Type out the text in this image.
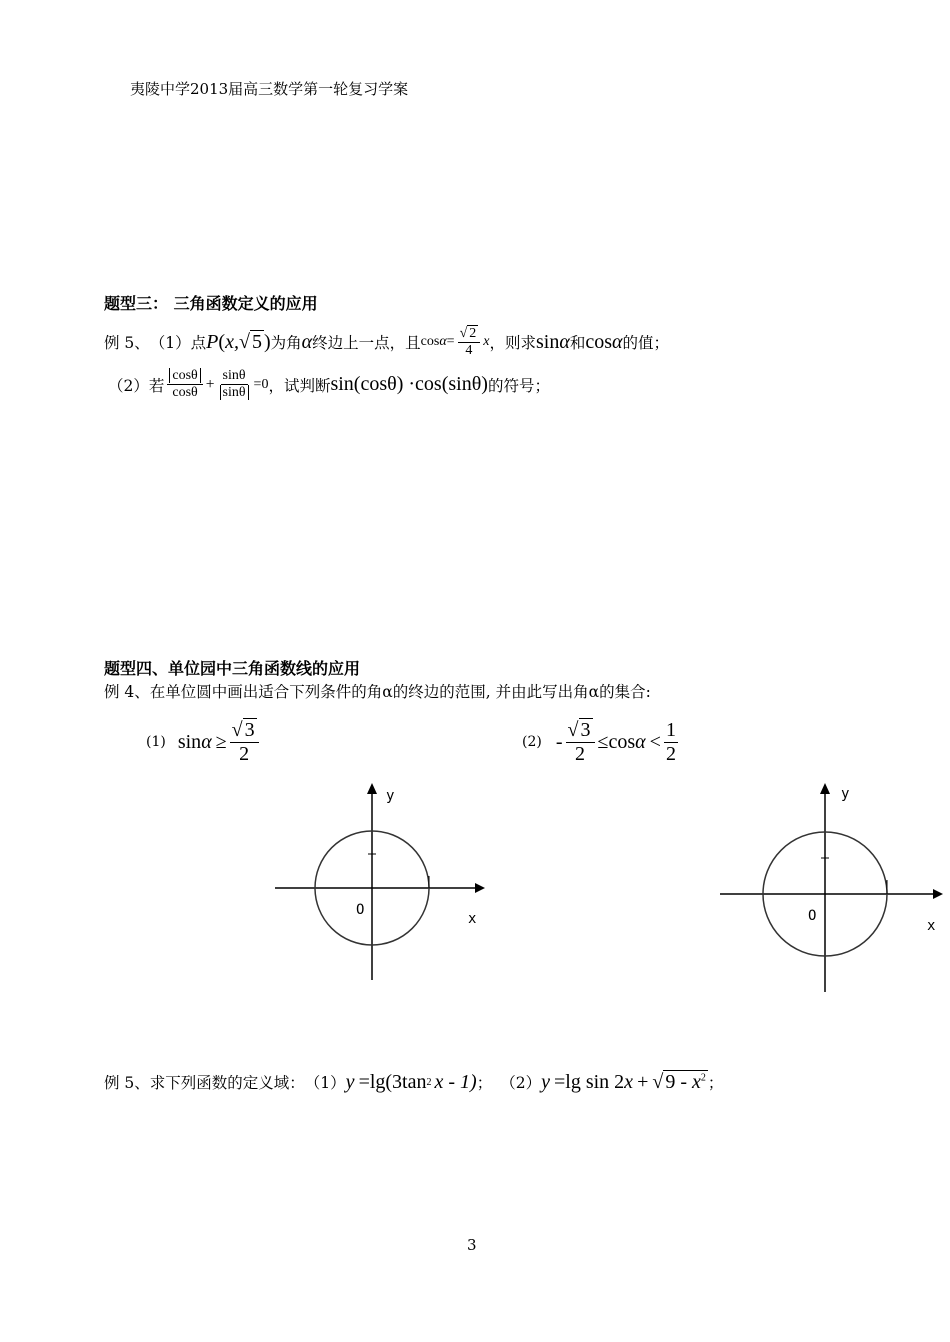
夷陵中学2013届高三数学第一轮复习学案
题型三： 三角函数定义的应用
例 5、 （1）点 P ( x, √ 5 ) 为角 α 终边上一点，且 $\cos \alpha = \frac{√ 2}{4}$ x ，则求 sin α 和 cos α 的值；
（2）若 $\frac{\cos\theta}{\cos\theta} + \frac{\sin\theta}{\sin\theta} =0$ ，试判断 sin(cosθ) ·cos(sinθ) 的符号；
题型四、单位园中三角函数线的应用
例 4、在单位圆中画出适合下列条件的角α的终边的范围, 并由此写出角α的集合:
(1) $\sin \alpha \ge \frac{√ 3}{2}$	$(2) - \frac{√ 3}{2} \le \cos \alpha < \frac{1}{2}$
y
x
O
y
x
O
例 5、求下列函数的定义域： （1） y =lg(3tan 2 x - 1) ； （2） y =lg sin 2 x + √ $9 - x^2$ ；
3
